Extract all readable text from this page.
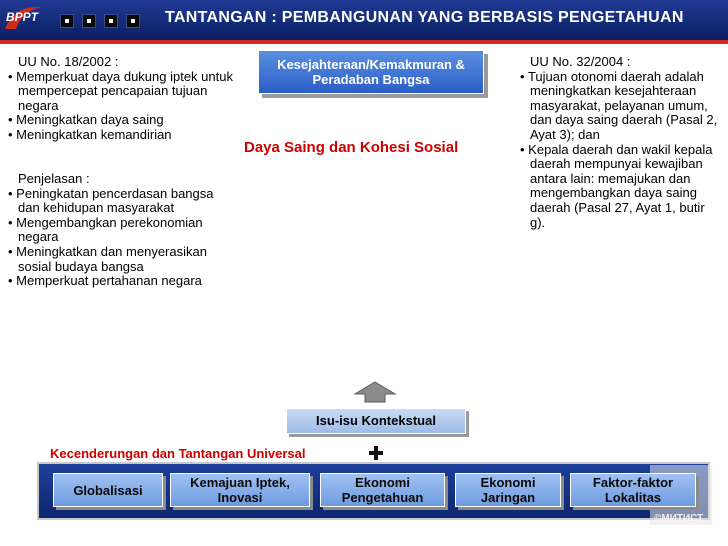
BPPT	TANTANGAN : PEMBANGUNAN YANG BERBASIS PENGETAHUAN
UU No. 18/2002 :
• Memperkuat daya dukung iptek untuk mempercepat pencapaian tujuan negara
• Meningkatkan daya saing
• Meningkatkan kemandirian
Penjelasan :
• Peningkatan pencerdasan bangsa dan kehidupan masyarakat
• Mengembangkan perekonomian negara
• Meningkatkan dan menyerasikan sosial budaya bangsa
• Memperkuat pertahanan negara
UU No. 32/2004 :
• Tujuan otonomi daerah adalah meningkatkan kesejahteraan masyarakat, pelayanan umum, dan daya saing daerah (Pasal 2, Ayat 3); dan
• Kepala daerah dan wakil kepala daerah mempunyai kewajiban antara lain: memajukan dan mengembangkan daya saing daerah (Pasal 27, Ayat 1, butir g).
Kesejahteraan/Kemakmuran &
Peradaban Bangsa
Daya Saing dan Kohesi Sosial
Isu-isu Kontekstual
Kecenderungan dan Tantangan Universal
©МИТИСТ
Globalisasi	Kemajuan Iptek,
Inovasi
Ekonomi
Pengetahuan
Ekonomi
Jaringan
Faktor-faktor
Lokalitas
